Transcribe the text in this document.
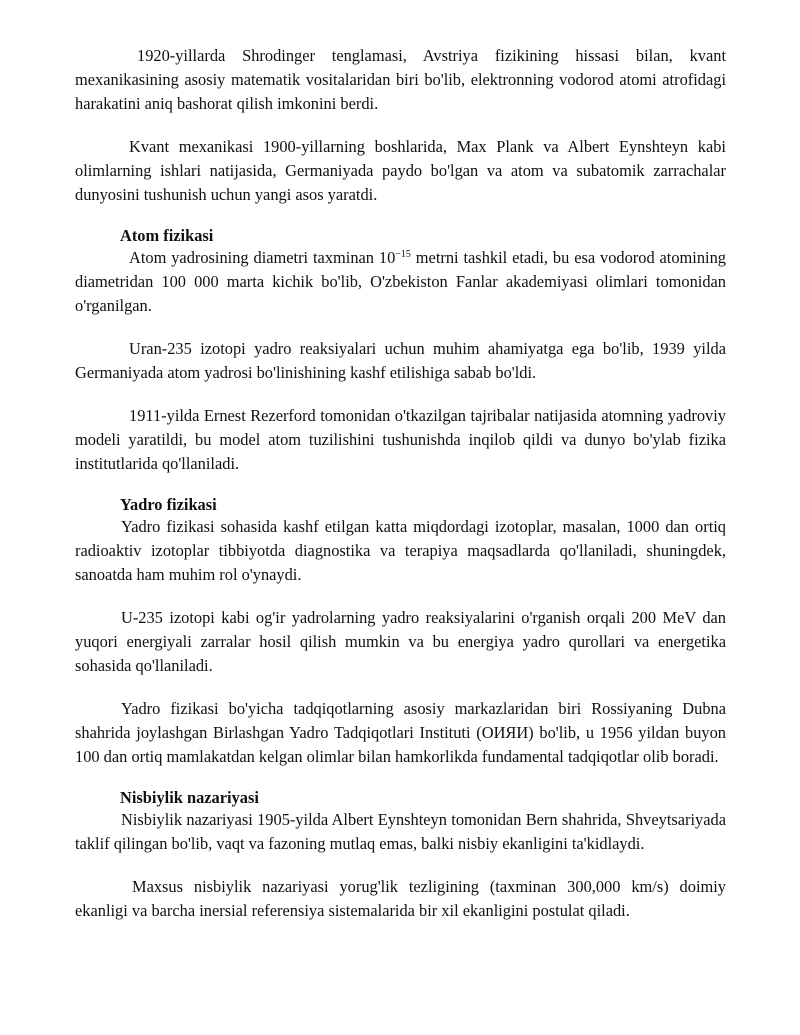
1920-yillarda Shrodinger tenglamasi, Avstriya fizikining hissasi bilan, kvant mexanikasining asosiy matematik vositalaridan biri bo'lib, elektronning vodorod atomi atrofidagi harakatini aniq bashorat qilish imkonini berdi.

Kvant mexanikasi 1900-yillarning boshlarida, Max Plank va Albert Eynshteyn kabi olimlarning ishlari natijasida, Germaniyada paydo bo'lgan va atom va subatomik zarrachalar dunyosini tushunish uchun yangi asos yaratdi.

Atom fizikasi

Atom yadrosining diametri taxminan $10^{-15}$ metrni tashkil etadi, bu esa vodorod atomining diametridan 100 000 marta kichik bo'lib, O'zbekiston Fanlar akademiyasi olimlari tomonidan o'rganilgan.

Uran-235 izotopi yadro reaksiyalari uchun muhim ahamiyatga ega bo'lib, 1939 yilda Germaniyada atom yadrosi bo'linishining kashf etilishiga sabab bo'ldi.

1911-yilda Ernest Rezerford tomonidan o'tkazilgan tajribalar natijasida atomning yadroviy modeli yaratildi, bu model atom tuzilishini tushunishda inqilob qildi va dunyo bo'ylab fizika institutlarida qo'llaniladi.

Yadro fizikasi

Yadro fizikasi sohasida kashf etilgan katta miqdordagi izotoplar, masalan, 1000 dan ortiq radioaktiv izotoplar tibbiyotda diagnostika va terapiya maqsadlarda qo'llaniladi, shuningdek, sanoatda ham muhim rol o'ynaydi.

U-235 izotopi kabi og'ir yadrolarning yadro reaksiyalarini o'rganish orqali 200 MeV dan yuqori energiyali zarralar hosil qilish mumkin va bu energiya yadro qurollari va energetika sohasida qo'llaniladi.

Yadro fizikasi bo'yicha tadqiqotlarning asosiy markazlaridan biri Rossiyaning Dubna shahrida joylashgan Birlashgan Yadro Tadqiqotlari Instituti (ОИЯИ) bo'lib, u 1956 yildan buyon 100 dan ortiq mamlakatdan kelgan olimlar bilan hamkorlikda fundamental tadqiqotlar olib boradi.

Nisbiylik nazariyasi

Nisbiylik nazariyasi 1905-yilda Albert Eynshteyn tomonidan Bern shahrida, Shveytsariyada taklif qilingan bo'lib, vaqt va fazoning mutlaq emas, balki nisbiy ekanligini ta'kidlaydi.

Maxsus nisbiylik nazariyasi yorug'lik tezligining (taxminan 300,000 km/s) doimiy ekanligi va barcha inersial referensiya sistemalarida bir xil ekanligini postulat qiladi.
